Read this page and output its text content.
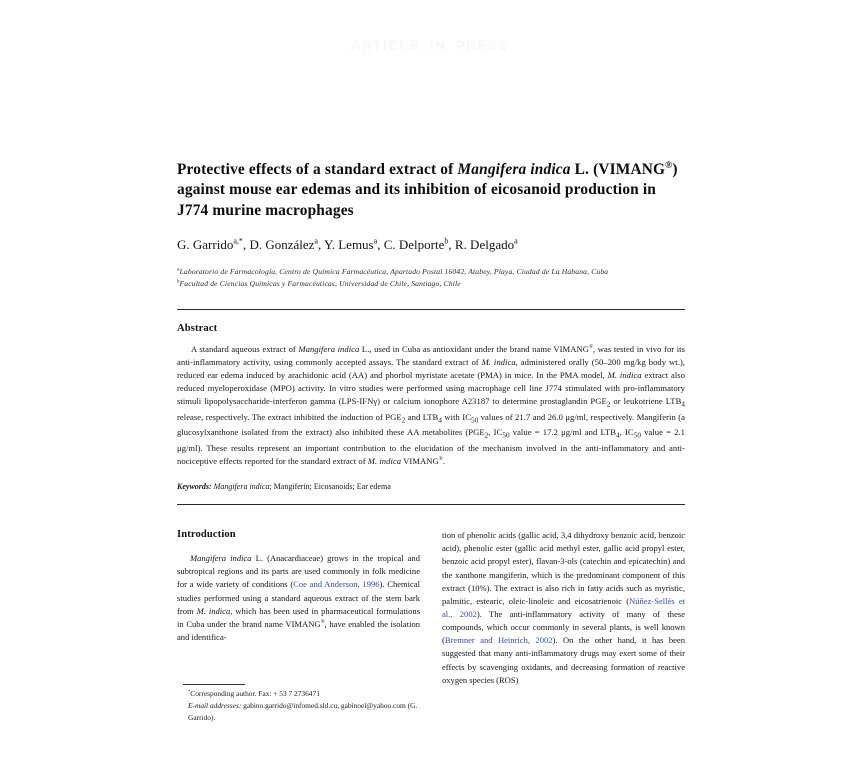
ARTICLE IN PRESS
Protective effects of a standard extract of Mangifera indica L. (VIMANG®) against mouse ear edemas and its inhibition of eicosanoid production in J774 murine macrophages
G. Garrido$^{a,*}$, D. González$^a$, Y. Lemus$^a$, C. Delporte$^b$, R. Delgado$^a$
$^a$Laboratorio de Farmacología, Centro de Química Farmacéutica, Apartado Postal 16042, Atabey, Playa, Ciudad de La Habana, Cuba
$^b$Facultad de Ciencias Químicas y Farmacéuticas, Universidad de Chile, Santiago, Chile
Abstract

A standard aqueous extract of Mangifera indica L., used in Cuba as antioxidant under the brand name VIMANG®, was tested in vivo for its anti-inflammatory activity, using commonly accepted assays. The standard extract of M. indica, administered orally (50–200 mg/kg body wt.), reduced ear edema induced by arachidonic acid (AA) and phorbol myristate acetate (PMA) in mice. In the PMA model, M. indica extract also reduced myeloperoxidase (MPO) activity. In vitro studies were performed using macrophage cell line J774 stimulated with pro-inflammatory stimuli lipopolysaccharide-interferon gamma (LPS-IFNγ) or calcium ionophore A23187 to determine prostaglandin $PGE_2$ or leukotriene $LTB_4$ release, respectively. The extract inhibited the induction of $PGE_2$ and $LTB_4$ with $IC_{50}$ values of 21.7 and 26.0 μg/ml, respectively. Mangiferin (a glucosylxanthone isolated from the extract) also inhibited these AA metabolites ($PGE_2$, $IC_{50}$ value = 17.2 μg/ml and $LTB_4$, $IC_{50}$ value = 2.1 μg/ml). These results represent an important contribution to the elucidation of the mechanism involved in the anti-inflammatory and anti-nociceptive effects reported for the standard extract of M. indica VIMANG®.

Keywords: Mangifera indica; Mangiferin; Eicosanoids; Ear edema

Introduction

Mangifera indica L. (Anacardiaceae) grows in the tropical and subtropical regions and its parts are used commonly in folk medicine for a wide variety of conditions (Coe and Anderson, 1996). Chemical studies performed using a standard aqueous extract of the stem bark from M. indica, which has been used in pharmaceutical formulations in Cuba under the brand name VIMANG®, have enabled the isolation and identifica-

*Corresponding author. Fax: + 53 7 2736471

E-mail addresses: gabino.garrido@infomed.sld.cu, gabinoel@yahoo.com (G. Garrido).

tion of phenolic acids (gallic acid, 3,4 dihydroxy benzoic acid, benzoic acid), phenolic ester (gallic acid methyl ester, gallic acid propyl ester, benzoic acid propyl ester), flavan-3-ols (catechin and epicatechin) and the xanthone mangiferin, which is the predominant component of this extract (10%). The extract is also rich in fatty acids such as myristic, palmitic, estearic, oleic-linoleic and eicosatrienoic (Núñez-Sellés et al., 2002). The anti-inflammatory activity of many of these compounds, which occur commonly in several plants, is well known (Bremner and Heinrich, 2002). On the other hand, it has been suggested that many anti-inflammatory drugs may exert some of their effects by scavenging oxidants, and decreasing formation of reactive oxygen species (ROS)
